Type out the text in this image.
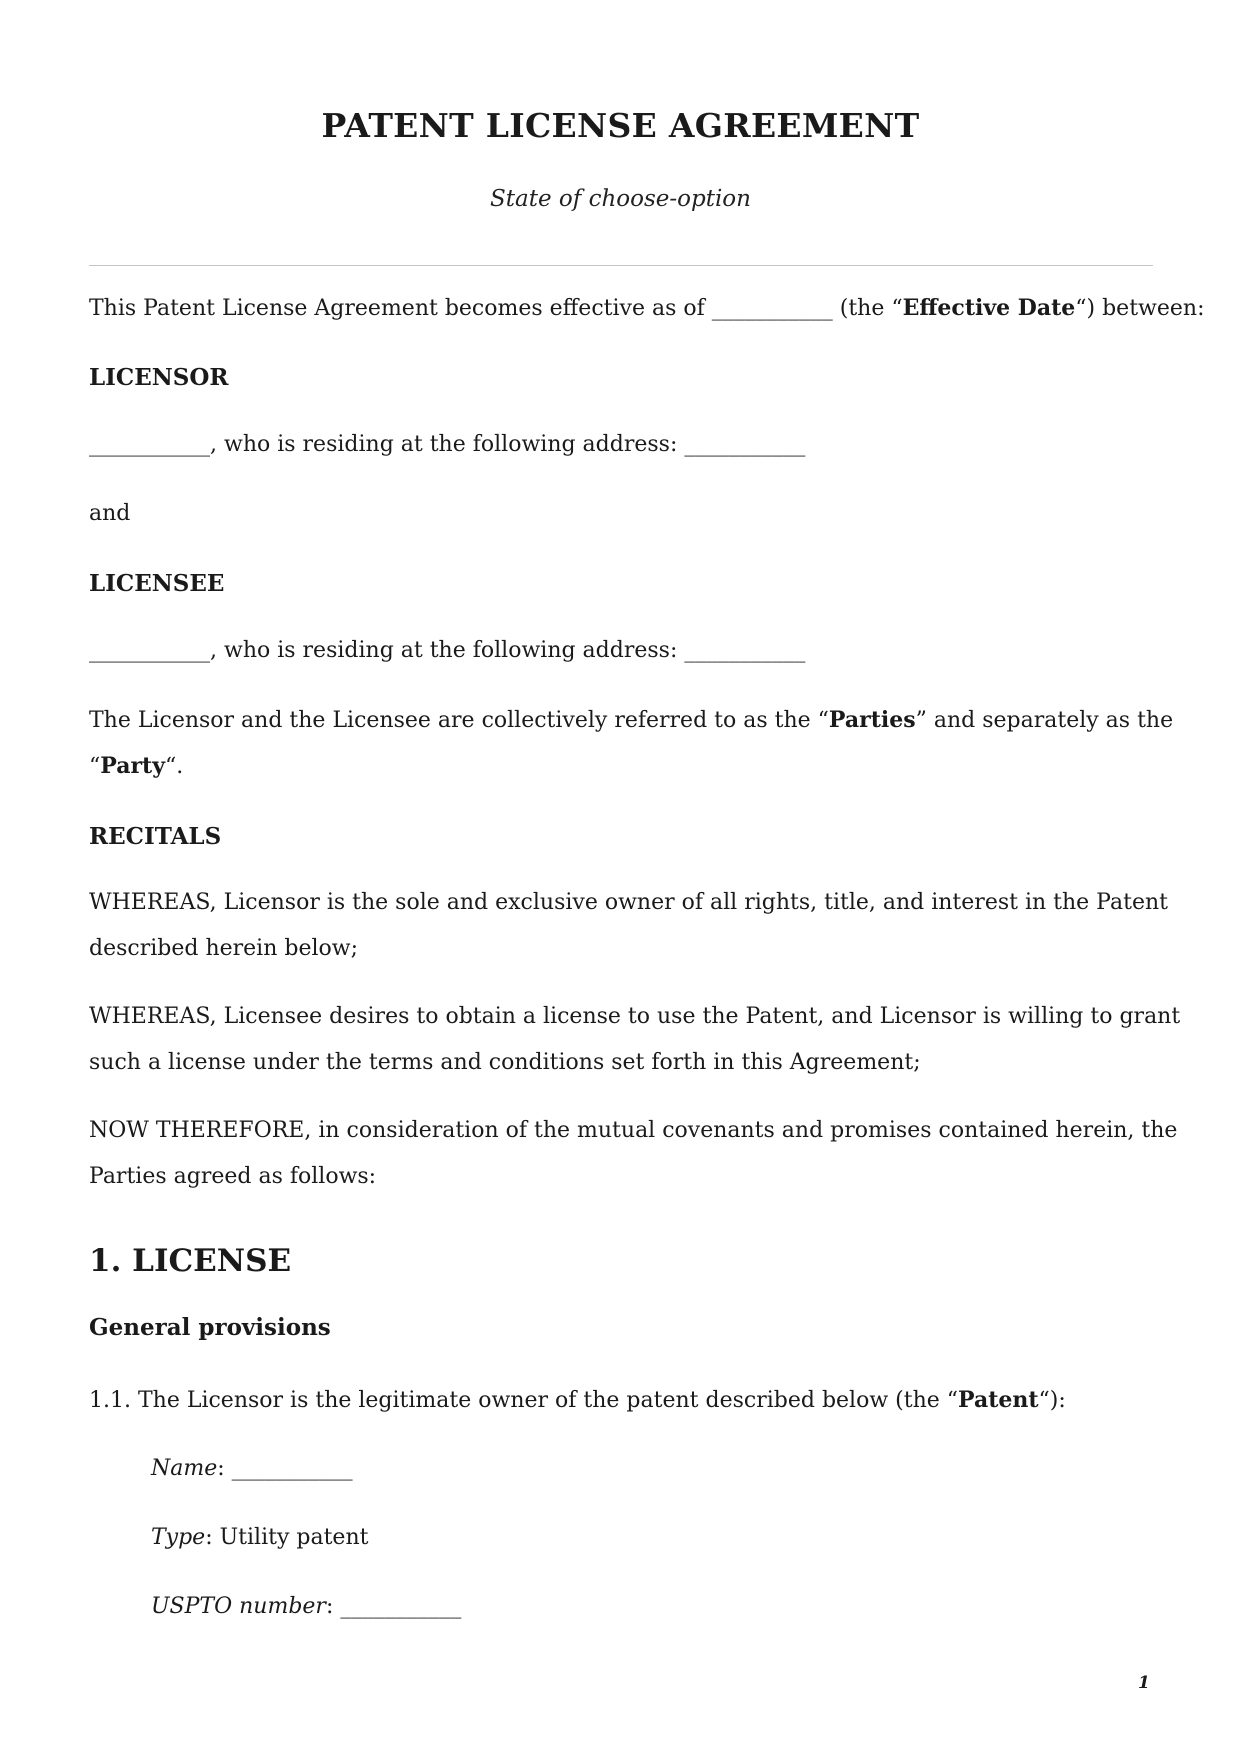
PATENT LICENSE AGREEMENT
State of choose-option
This Patent License Agreement becomes effective as of ___________ (the “Effective Date“) between:
LICENSOR
___________, who is residing at the following address: ___________
and
LICENSEE
___________, who is residing at the following address: ___________
The Licensor and the Licensee are collectively referred to as the “Parties” and separately as the
“Party“.
RECITALS
WHEREAS, Licensor is the sole and exclusive owner of all rights, title, and interest in the Patent
described herein below;
WHEREAS, Licensee desires to obtain a license to use the Patent, and Licensor is willing to grant
such a license under the terms and conditions set forth in this Agreement;
NOW THEREFORE, in consideration of the mutual covenants and promises contained herein, the
Parties agreed as follows:
1. LICENSE
General provisions
1.1. The Licensor is the legitimate owner of the patent described below (the “Patent“):
Name: ___________
Type: Utility patent
USPTO number: ___________
1
